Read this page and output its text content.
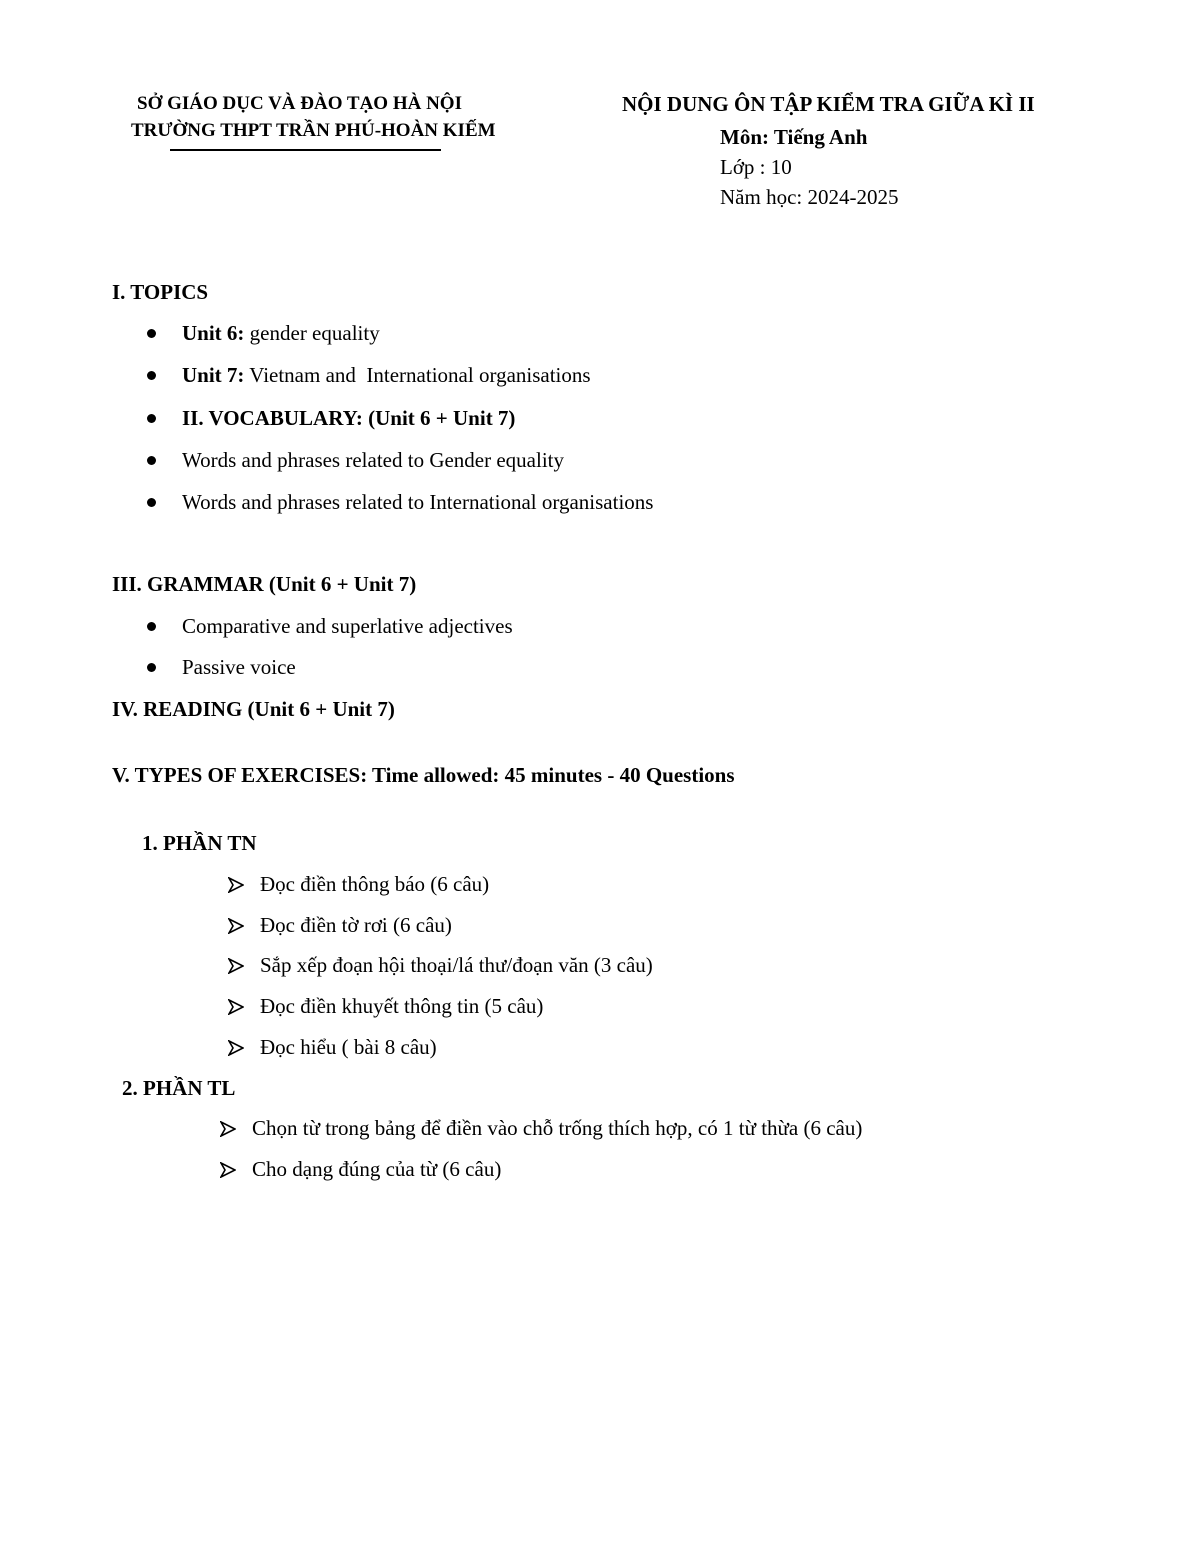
SỞ GIÁO DỤC VÀ ĐÀO TẠO HÀ NỘI
TRƯỜNG THPT TRẦN PHÚ-HOÀN KIẾM
NỘI DUNG ÔN TẬP KIỂM TRA GIỮA KÌ II
Môn: Tiếng Anh
Lớp : 10
Năm học: 2024-2025
I. TOPICS
Unit 6: gender equality
Unit 7: Vietnam and  International organisations
II. VOCABULARY: (Unit 6 + Unit 7)
Words and phrases related to Gender equality
Words and phrases related to International organisations
III. GRAMMAR (Unit 6 + Unit 7)
Comparative and superlative adjectives
Passive voice
IV. READING (Unit 6 + Unit 7)
V. TYPES OF EXERCISES: Time allowed: 45 minutes - 40 Questions
1. PHẦN TN
Đọc điền thông báo (6 câu)
Đọc điền tờ rơi (6 câu)
Sắp xếp đoạn hội thoại/lá thư/đoạn văn (3 câu)
Đọc điền khuyết thông tin (5 câu)
Đọc hiểu ( bài 8 câu)
2. PHẦN TL
Chọn từ trong bảng để điền vào chỗ trống thích hợp, có 1 từ thừa (6 câu)
Cho dạng đúng của từ (6 câu)
